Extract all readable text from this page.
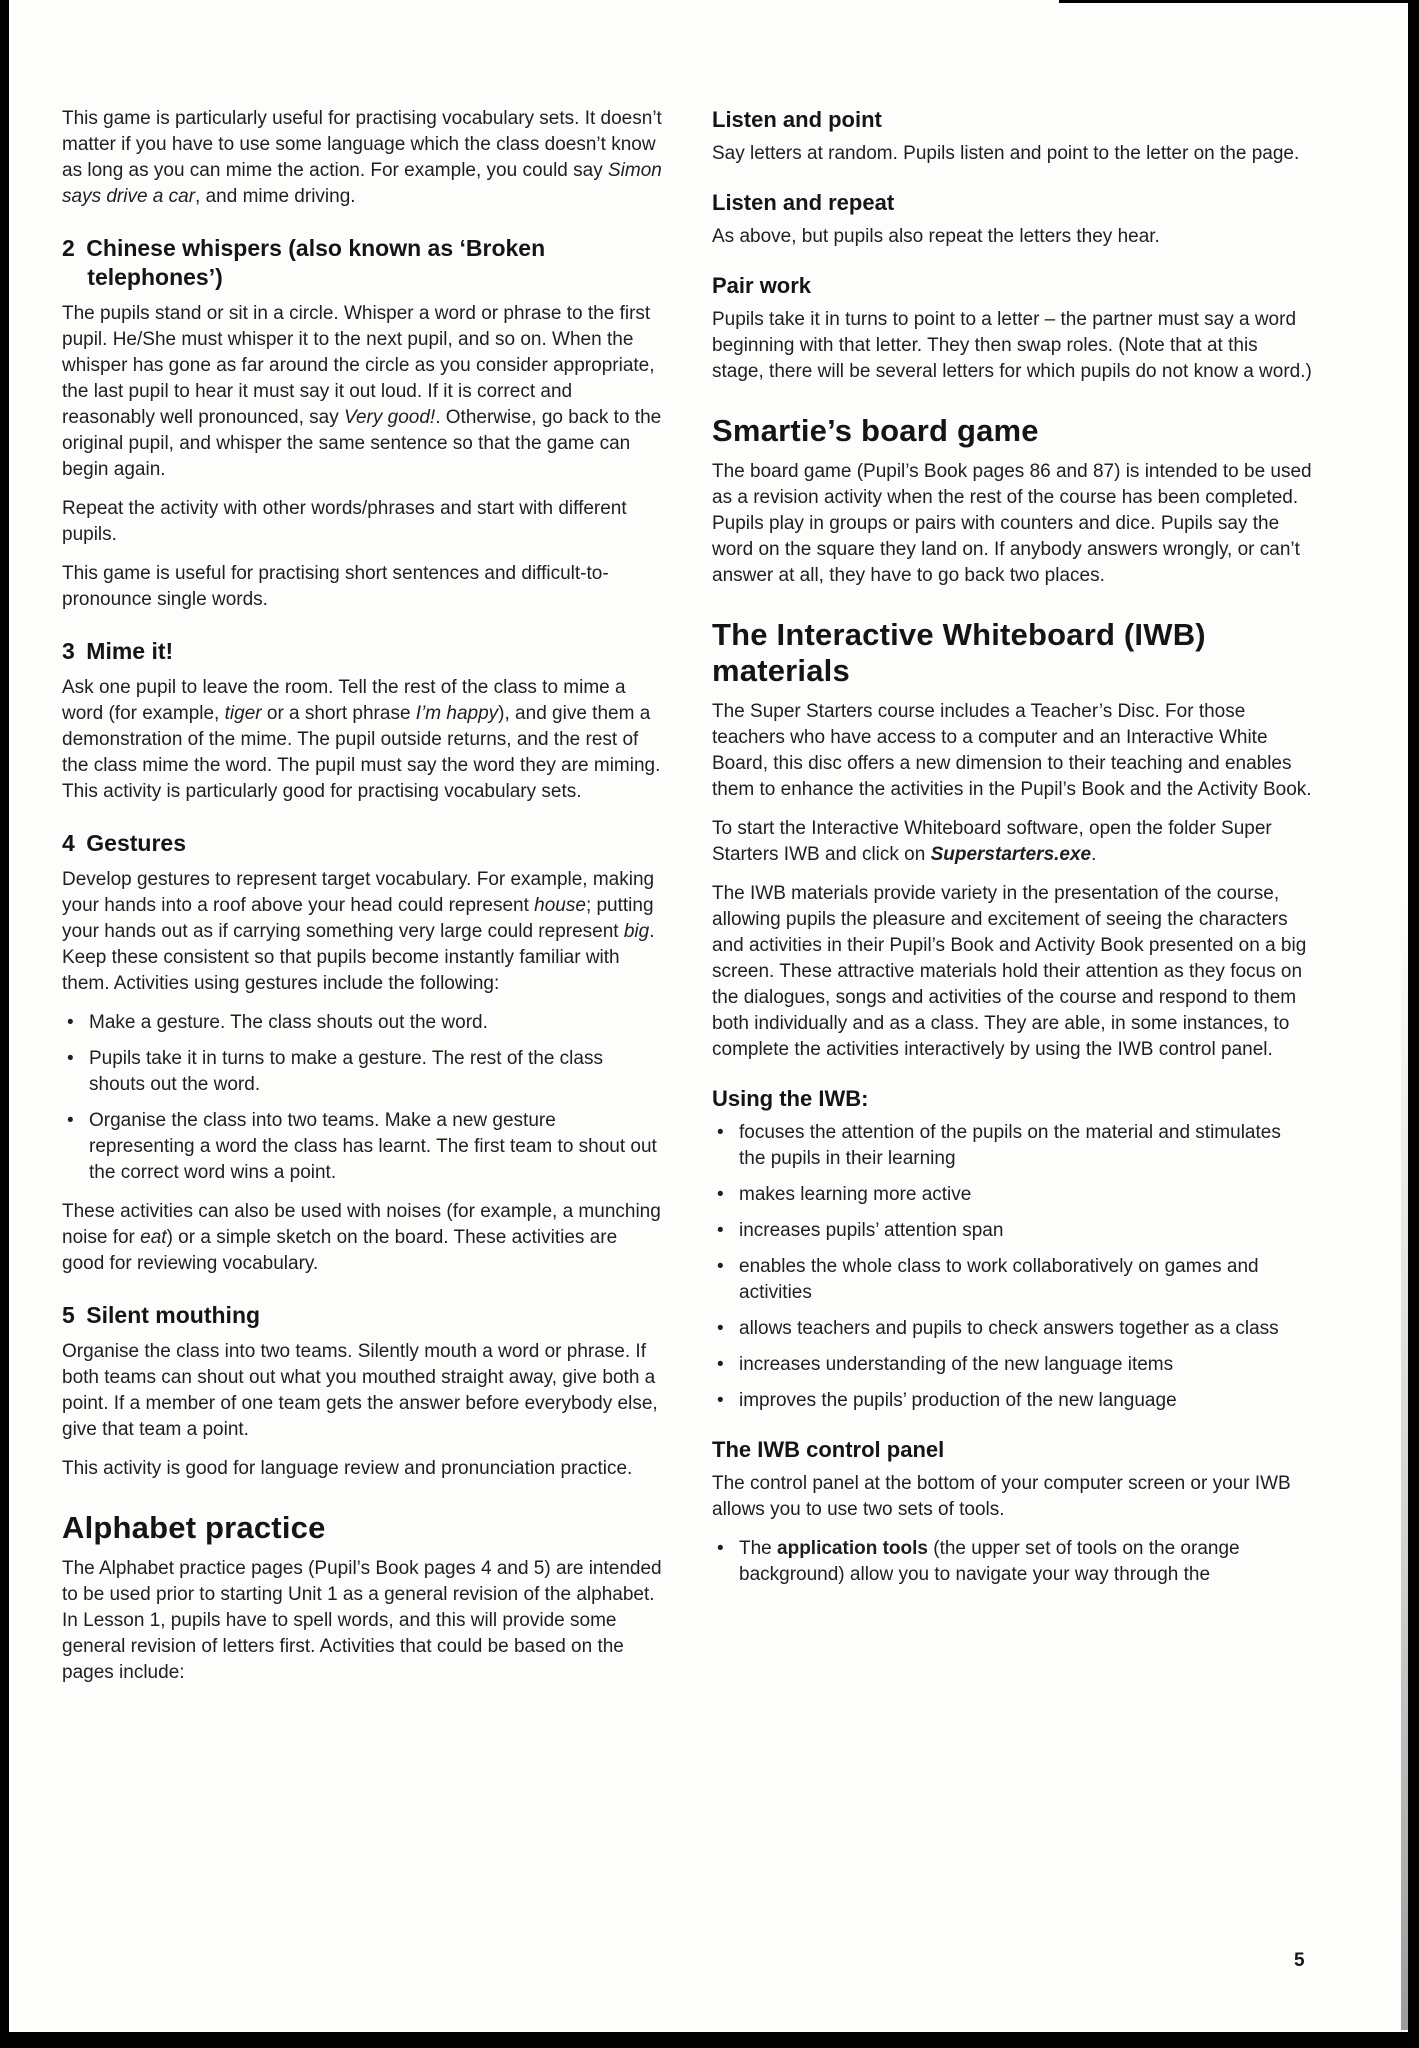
This game is particularly useful for practising vocabulary sets. It doesn’t matter if you have to use some language which the class doesn’t know as long as you can mime the action. For example, you could say Simon says drive a car, and mime driving.

2 Chinese whispers (also known as ‘Broken telephones’)

The pupils stand or sit in a circle. Whisper a word or phrase to the first pupil. He/She must whisper it to the next pupil, and so on. When the whisper has gone as far around the circle as you consider appropriate, the last pupil to hear it must say it out loud. If it is correct and reasonably well pronounced, say Very good!. Otherwise, go back to the original pupil, and whisper the same sentence so that the game can begin again.

Repeat the activity with other words/phrases and start with different pupils.

This game is useful for practising short sentences and difficult-to-pronounce single words.

3 Mime it!

Ask one pupil to leave the room. Tell the rest of the class to mime a word (for example, tiger or a short phrase I’m happy), and give them a demonstration of the mime. The pupil outside returns, and the rest of the class mime the word. The pupil must say the word they are miming. This activity is particularly good for practising vocabulary sets.

4 Gestures

Develop gestures to represent target vocabulary. For example, making your hands into a roof above your head could represent house; putting your hands out as if carrying something very large could represent big. Keep these consistent so that pupils become instantly familiar with them. Activities using gestures include the following:

• Make a gesture. The class shouts out the word.
• Pupils take it in turns to make a gesture. The rest of the class shouts out the word.
• Organise the class into two teams. Make a new gesture representing a word the class has learnt. The first team to shout out the correct word wins a point.

These activities can also be used with noises (for example, a munching noise for eat) or a simple sketch on the board. These activities are good for reviewing vocabulary.

5 Silent mouthing

Organise the class into two teams. Silently mouth a word or phrase. If both teams can shout out what you mouthed straight away, give both a point. If a member of one team gets the answer before everybody else, give that team a point.

This activity is good for language review and pronunciation practice.

Alphabet practice

The Alphabet practice pages (Pupil’s Book pages 4 and 5) are intended to be used prior to starting Unit 1 as a general revision of the alphabet. In Lesson 1, pupils have to spell words, and this will provide some general revision of letters first. Activities that could be based on the pages include:

Listen and point

Say letters at random. Pupils listen and point to the letter on the page.

Listen and repeat

As above, but pupils also repeat the letters they hear.

Pair work

Pupils take it in turns to point to a letter – the partner must say a word beginning with that letter. They then swap roles. (Note that at this stage, there will be several letters for which pupils do not know a word.)

Smartie’s board game

The board game (Pupil’s Book pages 86 and 87) is intended to be used as a revision activity when the rest of the course has been completed. Pupils play in groups or pairs with counters and dice. Pupils say the word on the square they land on. If anybody answers wrongly, or can’t answer at all, they have to go back two places.

The Interactive Whiteboard (IWB) materials

The Super Starters course includes a Teacher’s Disc. For those teachers who have access to a computer and an Interactive White Board, this disc offers a new dimension to their teaching and enables them to enhance the activities in the Pupil’s Book and the Activity Book.

To start the Interactive Whiteboard software, open the folder Super Starters IWB and click on Superstarters.exe.

The IWB materials provide variety in the presentation of the course, allowing pupils the pleasure and excitement of seeing the characters and activities in their Pupil’s Book and Activity Book presented on a big screen. These attractive materials hold their attention as they focus on the dialogues, songs and activities of the course and respond to them both individually and as a class. They are able, in some instances, to complete the activities interactively by using the IWB control panel.

Using the IWB:
• focuses the attention of the pupils on the material and stimulates the pupils in their learning
• makes learning more active
• increases pupils’ attention span
• enables the whole class to work collaboratively on games and activities
• allows teachers and pupils to check answers together as a class
• increases understanding of the new language items
• improves the pupils’ production of the new language
The IWB control panel

The control panel at the bottom of your computer screen or your IWB allows you to use two sets of tools.

• The application tools (the upper set of tools on the orange background) allow you to navigate your way through the
5
